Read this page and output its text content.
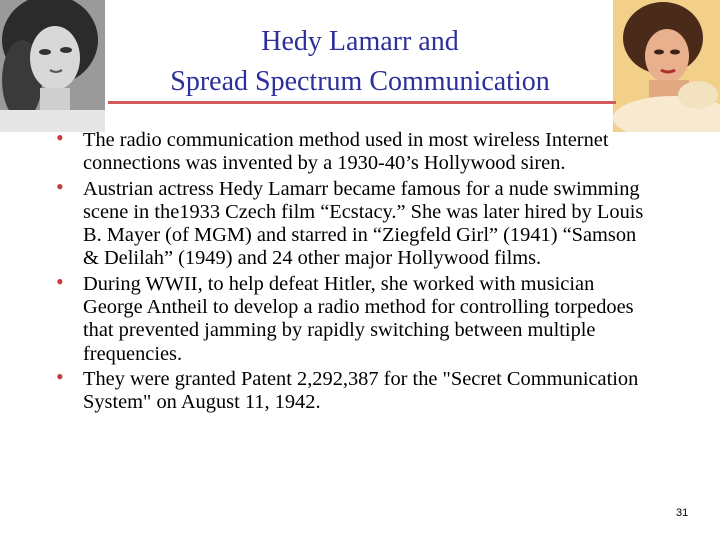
Hedy Lamarr and
Spread Spectrum Communication
• The radio communication method used in most wireless Internet connections was invented by a 1930-40’s Hollywood siren.
• Austrian actress Hedy Lamarr became famous for a nude swimming scene in the1933 Czech film “Ecstacy.” She was later hired by Louis B. Mayer (of MGM) and starred in “Ziegfeld Girl” (1941) “Samson & Delilah” (1949) and 24 other major Hollywood films.
• During WWII, to help defeat Hitler, she worked with musician George Antheil to develop a radio method for controlling torpedoes that prevented jamming by rapidly switching between multiple frequencies.
• They were granted Patent 2,292,387 for the "Secret Communication System" on August 11, 1942.
31
